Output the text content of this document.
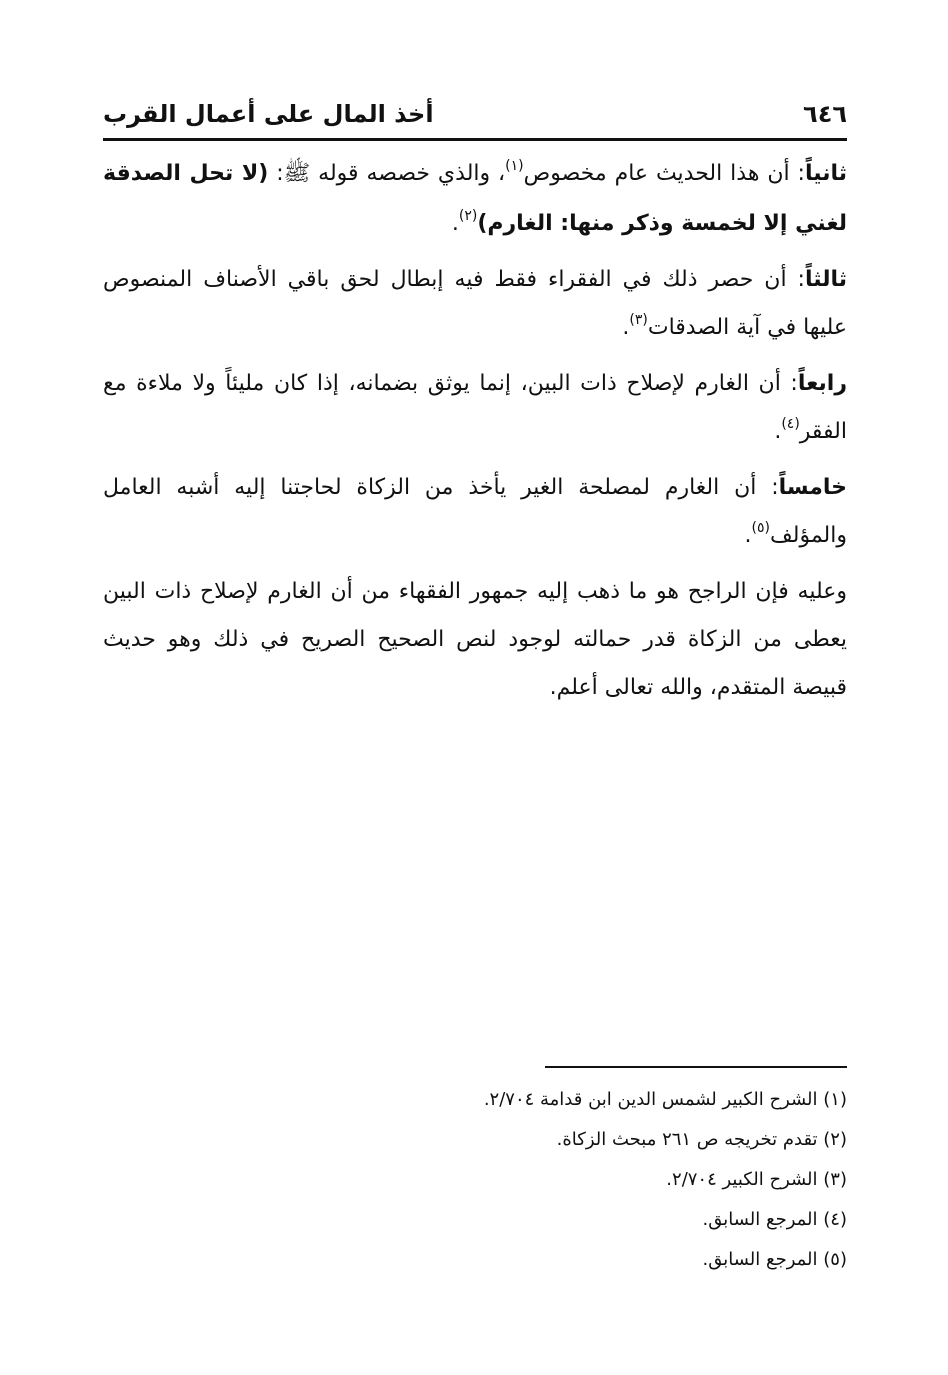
٦٤٦
أخذ المال على أعمال القرب

ثانياً: أن هذا الحديث عام مخصوص$^{(١)}$، والذي خصصه قوله ﷺ: (لا تحل الصدقة لغني إلا لخمسة وذكر منها: الغارم)$^{(٢)}$.

ثالثاً: أن حصر ذلك في الفقراء فقط فيه إبطال لحق باقي الأصناف المنصوص عليها في آية الصدقات$^{(٣)}$.

رابعاً: أن الغارم لإصلاح ذات البين، إنما يوثق بضمانه، إذا كان مليئاً ولا ملاءة مع الفقر$^{(٤)}$.

خامساً: أن الغارم لمصلحة الغير يأخذ من الزكاة لحاجتنا إليه أشبه العامل والمؤلف$^{(٥)}$.

وعليه فإن الراجح هو ما ذهب إليه جمهور الفقهاء من أن الغارم لإصلاح ذات البين يعطى من الزكاة قدر حمالته لوجود لنص الصحيح الصريح في ذلك وهو حديث قبيصة المتقدم، والله تعالى أعلم.

(١) الشرح الكبير لشمس الدين ابن قدامة ٢/٧٠٤.
(٢) تقدم تخريجه ص ٢٦١ مبحث الزكاة.
(٣) الشرح الكبير ٢/٧٠٤.
(٤) المرجع السابق.
(٥) المرجع السابق.
